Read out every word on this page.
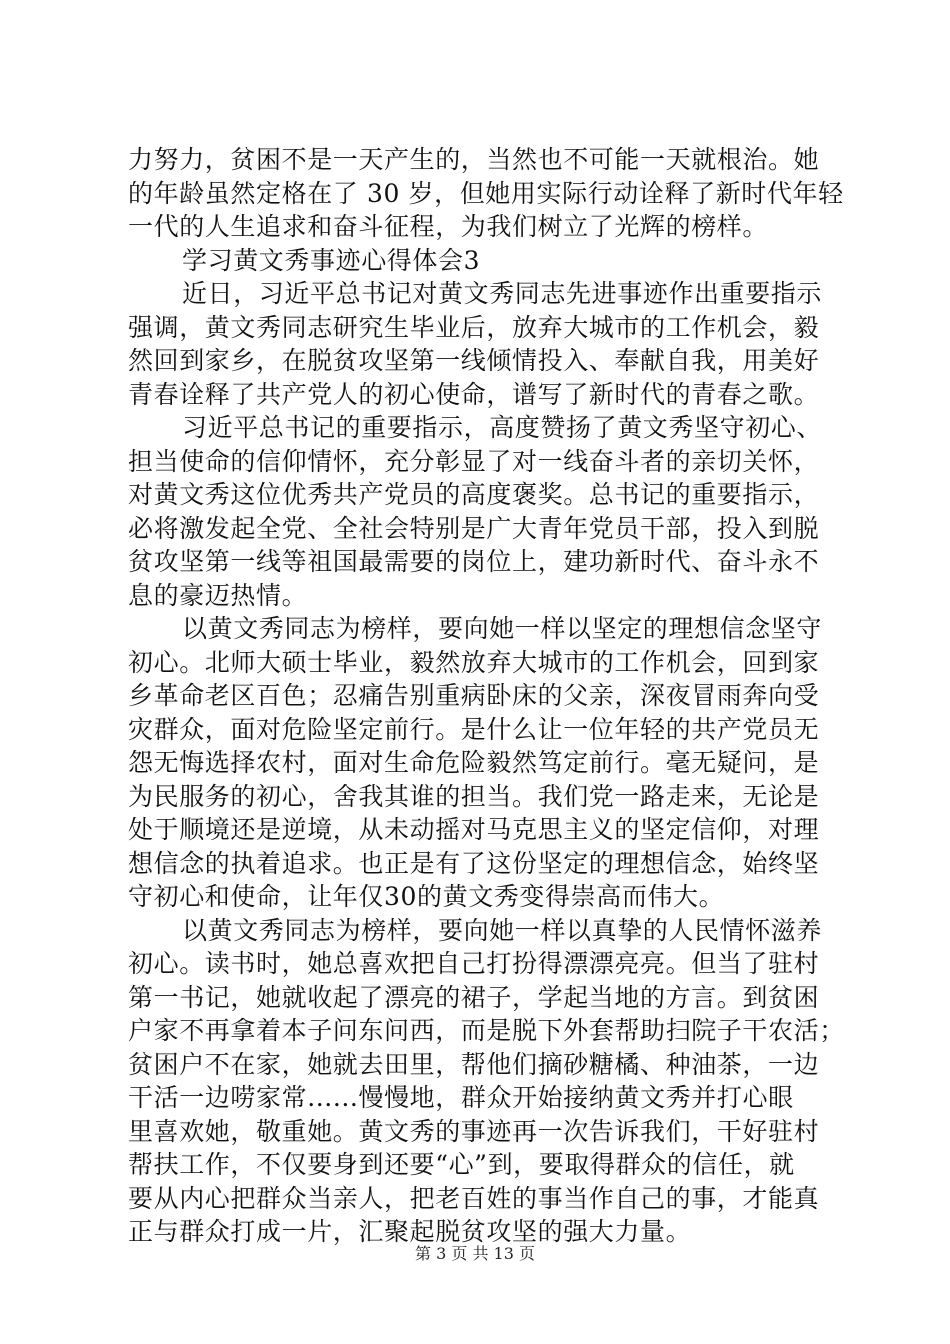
力努力，贫困不是一天产生的，当然也不可能一天就根治。她
的年龄虽然定格在了 30 岁，但她用实际行动诠释了新时代年轻
一代的人生追求和奋斗征程，为我们树立了光辉的榜样。
学习黄文秀事迹心得体会3
近日，习近平总书记对黄文秀同志先进事迹作出重要指示
强调，黄文秀同志研究生毕业后，放弃大城市的工作机会，毅
然回到家乡，在脱贫攻坚第一线倾情投入、奉献自我，用美好
青春诠释了共产党人的初心使命，谱写了新时代的青春之歌。
习近平总书记的重要指示，高度赞扬了黄文秀坚守初心、
担当使命的信仰情怀，充分彰显了对一线奋斗者的亲切关怀，
对黄文秀这位优秀共产党员的高度褒奖。总书记的重要指示，
必将激发起全党、全社会特别是广大青年党员干部，投入到脱
贫攻坚第一线等祖国最需要的岗位上，建功新时代、奋斗永不
息的豪迈热情。
以黄文秀同志为榜样，要向她一样以坚定的理想信念坚守
初心。北师大硕士毕业，毅然放弃大城市的工作机会，回到家
乡革命老区百色；忍痛告别重病卧床的父亲，深夜冒雨奔向受
灾群众，面对危险坚定前行。是什么让一位年轻的共产党员无
怨无悔选择农村，面对生命危险毅然笃定前行。毫无疑问，是
为民服务的初心，舍我其谁的担当。我们党一路走来，无论是
处于顺境还是逆境，从未动摇对马克思主义的坚定信仰，对理
想信念的执着追求。也正是有了这份坚定的理想信念，始终坚
守初心和使命，让年仅30的黄文秀变得崇高而伟大。
以黄文秀同志为榜样，要向她一样以真挚的人民情怀滋养
初心。读书时，她总喜欢把自己打扮得漂漂亮亮。但当了驻村
第一书记，她就收起了漂亮的裙子，学起当地的方言。到贫困
户家不再拿着本子问东问西，而是脱下外套帮助扫院子干农活；
贫困户不在家，她就去田里，帮他们摘砂糖橘、种油茶，一边
干活一边唠家常......慢慢地，群众开始接纳黄文秀并打心眼
里喜欢她，敬重她。黄文秀的事迹再一次告诉我们，干好驻村
帮扶工作，不仅要身到还要“心”到，要取得群众的信任，就
要从内心把群众当亲人，把老百姓的事当作自己的事，才能真
正与群众打成一片，汇聚起脱贫攻坚的强大力量。
第 3 页 共 13 页
